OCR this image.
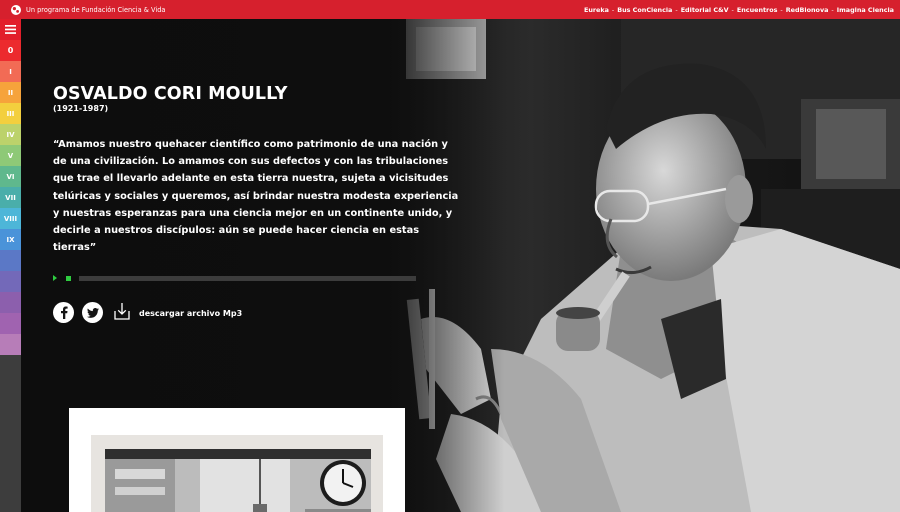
Un programa de Fundación Ciencia & Vida	Eureka - Bus ConCiencia - Editorial C&V - Encuentros - RedBionova - Imagina Ciencia
0
I
II
III
IV
V
VI
VII
VIII
IX
OSVALDO CORI MOULLY
(1921-1987)
“Amamos nuestro quehacer científico como patrimonio de una nación y
de una civilización. Lo amamos con sus defectos y con las tribulaciones
que trae el llevarlo adelante en esta tierra nuestra, sujeta a vicisitudes
telúricas y sociales y queremos, así brindar nuestra modesta experiencia
y nuestras esperanzas para una ciencia mejor en un continente unido, y
decirle a nuestros discípulos: aún se puede hacer ciencia en estas
tierras”
descargar archivo Mp3
